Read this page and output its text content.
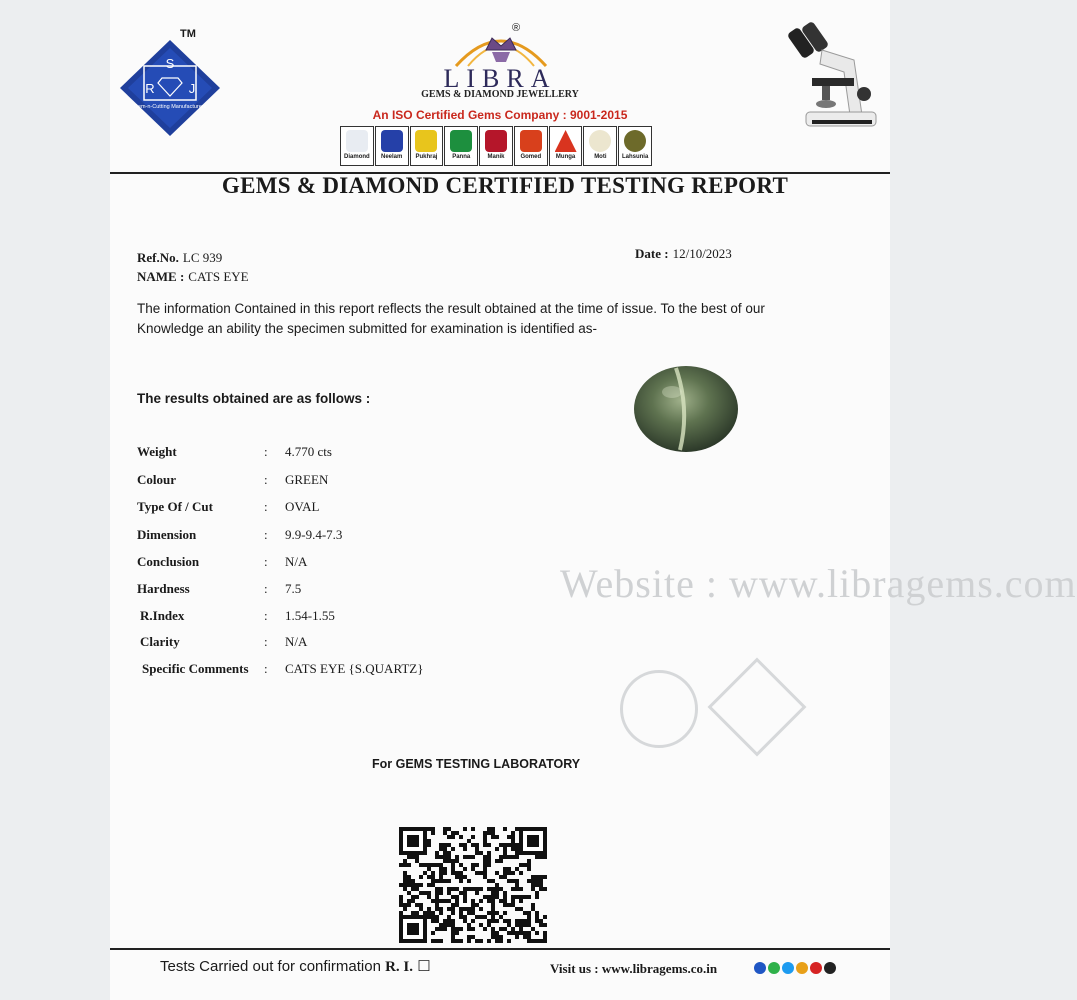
S
R	J
Gem-n-Cutting Manufacturers
TM	®
LIBRA
GEMS & DIAMOND JEWELLERY
An ISO Certified Gems Company : 9001-2015
Diamond Neelam Pukhraj Panna	Manik	Gomed Munga	Moti	Lahsunia
GEMS & DIAMOND CERTIFIED TESTING REPORT
Ref.No. LC 939
NAME : CATS EYE
Date : 12/10/2023
The information Contained in this report reflects the result obtained at the time of issue. To the best of our Knowledge an ability the specimen submitted for examination is identified as-
The results obtained are as follows :
Weight	: 4.770 cts
Colour	: GREEN
Type Of / Cut	: OVAL
Dimension	: 9.9-9.4-7.3
Conclusion	: N/A
Hardness	: 7.5
R.Index	: 1.54-1.55
Clarity	: N/A
Specific Comments : CATS EYE {S.QUARTZ}
Website : www.libragems.com
For GEMS TESTING LABORATORY
Tests Carried out for confirmation R. I. ☐	Visit us : www.libragems.co.in
